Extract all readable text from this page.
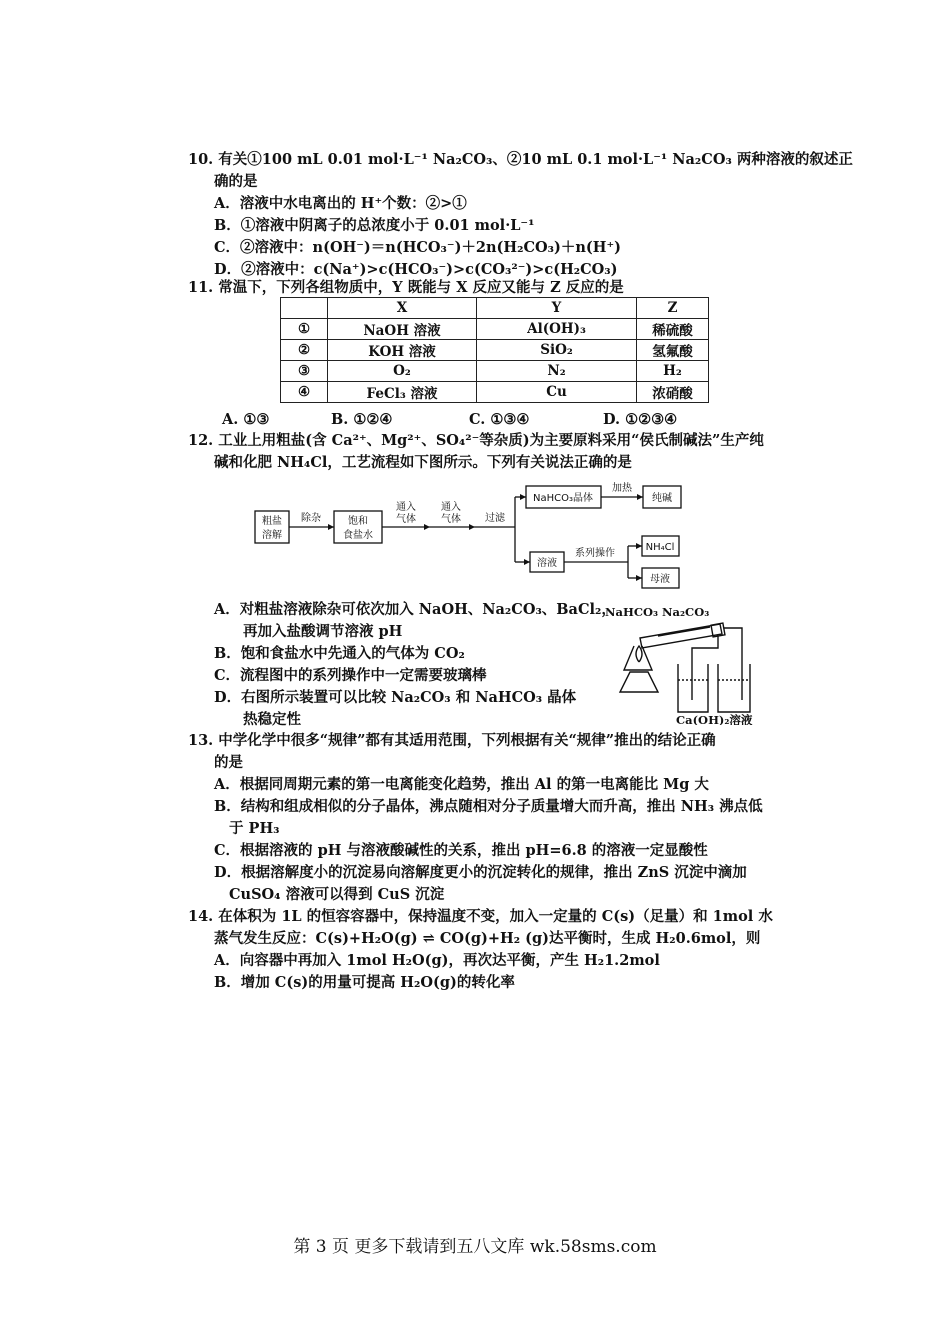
10. 有关①100 mL 0.01 mol·L⁻¹ Na₂CO₃、②10 mL 0.1 mol·L⁻¹ Na₂CO₃ 两种溶液的叙述正
确的是
A．溶液中水电离出的 H⁺个数：②>①
B．①溶液中阴离子的总浓度小于 0.01 mol·L⁻¹
C．②溶液中：n(OH⁻)＝n(HCO₃⁻)＋2n(H₂CO₃)＋n(H⁺)
D．②溶液中：c(Na⁺)>c(HCO₃⁻)>c(CO₃²⁻)>c(H₂CO₃)
11. 常温下，下列各组物质中，Y 既能与 X 反应又能与 Z 反应的是
	X	Y	Z
①	NaOH 溶液	Al(OH)₃	稀硫酸
②	KOH 溶液	SiO₂	氢氟酸
③	O₂	N₂	H₂
④	FeCl₃ 溶液	Cu	浓硝酸
A. ①③	B. ①②④	C. ①③④	D. ①②③④
12. 工业上用粗盐(含 Ca²⁺、Mg²⁺、SO₄²⁻等杂质)为主要原料采用“侯氏制碱法”生产纯
碱和化肥 NH₄Cl，工艺流程如下图所示。下列有关说法正确的是
粗盐
溶解
除杂	饱和
食盐水
通入
气体
通入
气体 过滤
NaHCO₃晶体
加热
纯碱
溶液
系列操作
NH₄Cl
母液
A．对粗盐溶液除杂可依次加入 NaOH、Na₂CO₃、BaCl₂，
再加入盐酸调节溶液 pH
B．饱和食盐水中先通入的气体为 CO₂
C．流程图中的系列操作中一定需要玻璃棒
D．右图所示装置可以比较 Na₂CO₃ 和 NaHCO₃ 晶体
热稳定性
NaHCO₃ Na₂CO₃
Ca(OH)₂溶液
13. 中学化学中很多“规律”都有其适用范围，下列根据有关“规律”推出的结论正确
的是
A．根据同周期元素的第一电离能变化趋势，推出 Al 的第一电离能比 Mg 大
B．结构和组成相似的分子晶体，沸点随相对分子质量增大而升高，推出 NH₃ 沸点低
于 PH₃
C．根据溶液的 pH 与溶液酸碱性的关系，推出 pH=6.8 的溶液一定显酸性
D．根据溶解度小的沉淀易向溶解度更小的沉淀转化的规律，推出 ZnS 沉淀中滴加
CuSO₄ 溶液可以得到 CuS 沉淀
14. 在体积为 1L 的恒容容器中，保持温度不变，加入一定量的 C(s)（足量）和 1mol 水
蒸气发生反应：C(s)+H₂O(g) ⇌ CO(g)+H₂ (g)达平衡时，生成 H₂0.6mol，则
A．向容器中再加入 1mol H₂O(g)，再次达平衡，产生 H₂1.2mol
B．增加 C(s)的用量可提高 H₂O(g)的转化率
第 3 页 更多下载请到五八文库 wk.58sms.com
